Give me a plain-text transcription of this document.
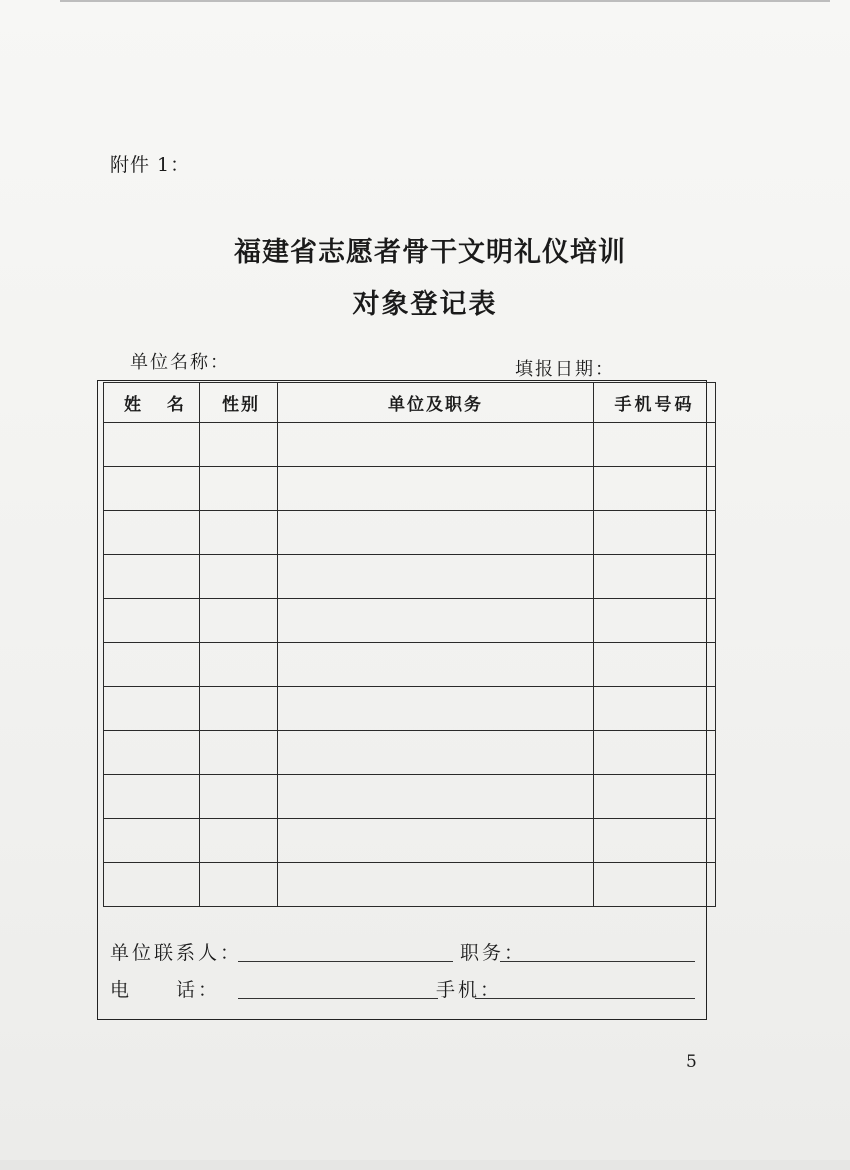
附件 1：
福建省志愿者骨干文明礼仪培训
对象登记表
单位名称：	填报日期：
姓 名	性别	单位及职务	手机号码

单位联系人：	职务：
电　　话：	手机：
5
